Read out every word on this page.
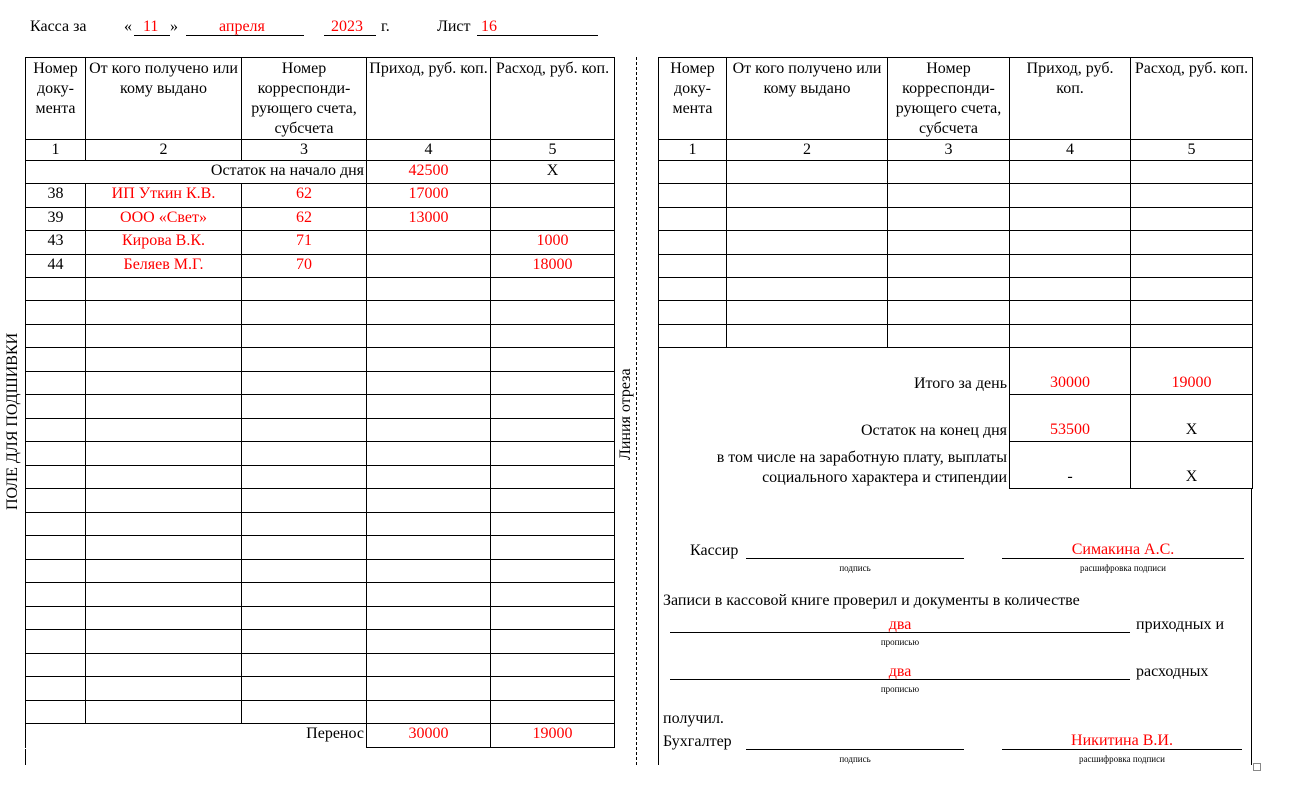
Касса за « 11 »	апреля	2023 г.	Лист 16
ПОЛЕ ДЛЯ ПОДШИВКИ	Линия отреза
Номер доку-мента	От кого получено или кому выдано	Номер корреспонди-рующего счета, субсчета	Приход, руб. коп.	Расход, руб. коп.
1	2	3	4	5
Остаток на начало дня			42500	X
38	ИП Уткин К.В.	62	17000	
39	ООО «Свет»	62	13000	
43	Кирова В.К.	71		1000
44	Беляев М.Г.	70		18000

Перенос			30000	19000
Номер доку-мента	От кого получено или кому выдано	Номер корреспонди-рующего счета, субсчета	Приход, руб. коп.	Расход, руб. коп.
1	2	3	4	5

Итого за день			30000	19000
Остаток на конец дня			53500	X
в том числе на заработную плату, выплаты
социального характера и стипендии			-	X
Кассир
подпись
Симакина А.С.
расшифровка подписи
Записи в кассовой книге проверил и документы в количестве
два
прописью
приходных и
два
прописью
расходных
получил.
Бухгалтер
подпись
Никитина В.И.
расшифровка подписи
